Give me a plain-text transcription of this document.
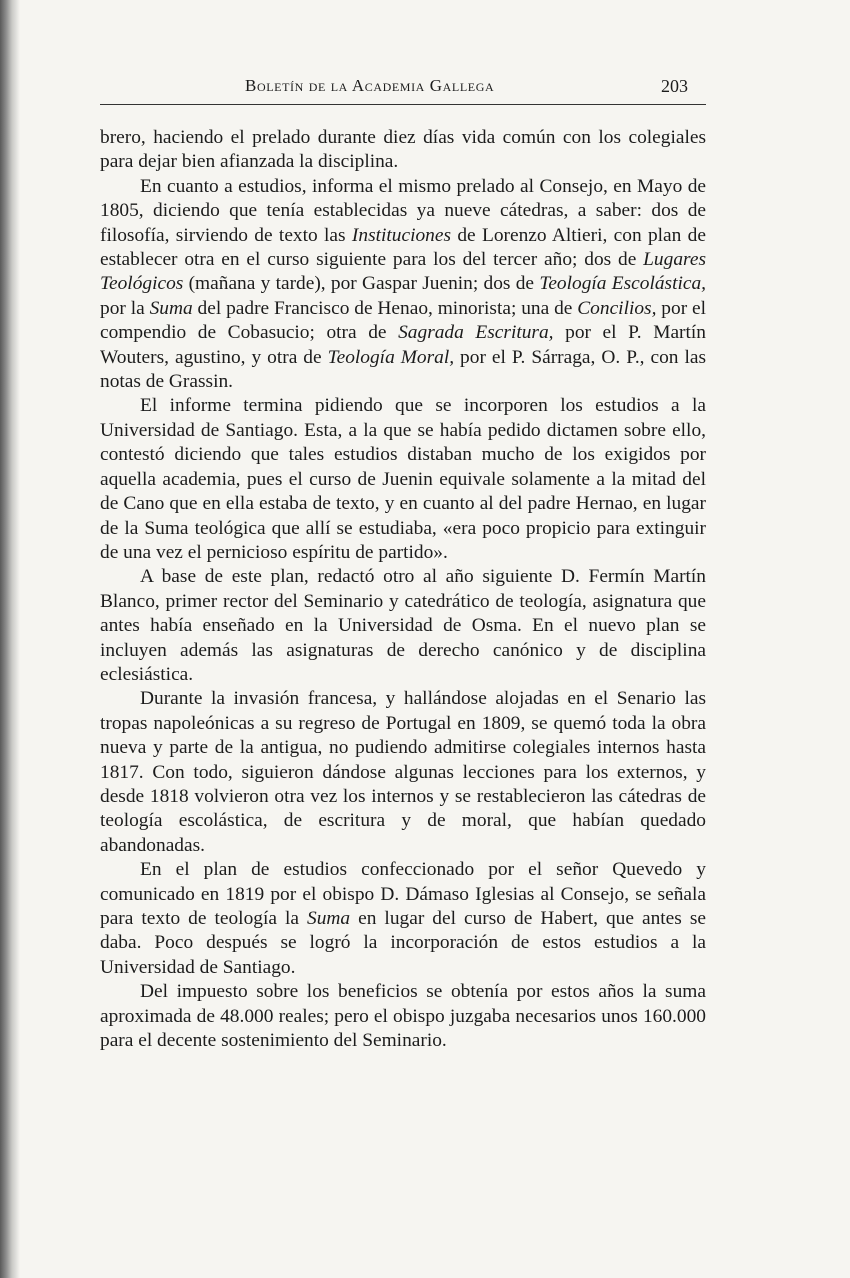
Boletín de la Academia Gallega	203

brero, haciendo el prelado durante diez días vida común con los colegiales para dejar bien afianzada la disciplina.

En cuanto a estudios, informa el mismo prelado al Consejo, en Mayo de 1805, diciendo que tenía establecidas ya nueve cátedras, a saber: dos de filosofía, sirviendo de texto las Instituciones de Lorenzo Altieri, con plan de establecer otra en el curso siguiente para los del tercer año; dos de Lugares Teológicos (mañana y tarde), por Gaspar Juenin; dos de Teología Escolástica, por la Suma del padre Francisco de Henao, minorista; una de Concilios, por el compendio de Cobasucio; otra de Sagrada Escritura, por el P. Martín Wouters, agustino, y otra de Teología Moral, por el P. Sárraga, O. P., con las notas de Grassin.

El informe termina pidiendo que se incorporen los estudios a la Universidad de Santiago. Esta, a la que se había pedido dictamen sobre ello, contestó diciendo que tales estudios distaban mucho de los exigidos por aquella academia, pues el curso de Juenin equivale solamente a la mitad del de Cano que en ella estaba de texto, y en cuanto al del padre Hernao, en lugar de la Suma teológica que allí se estudiaba, «era poco propicio para extinguir de una vez el pernicioso espíritu de partido».

A base de este plan, redactó otro al año siguiente D. Fermín Martín Blanco, primer rector del Seminario y catedrático de teología, asignatura que antes había enseñado en la Universidad de Osma. En el nuevo plan se incluyen además las asignaturas de derecho canónico y de disciplina eclesiástica.

Durante la invasión francesa, y hallándose alojadas en el Senario las tropas napoleónicas a su regreso de Portugal en 1809, se quemó toda la obra nueva y parte de la antigua, no pudiendo admitirse colegiales internos hasta 1817. Con todo, siguieron dándose algunas lecciones para los externos, y desde 1818 volvieron otra vez los internos y se restablecieron las cátedras de teología escolástica, de escritura y de moral, que habían quedado abandonadas.

En el plan de estudios confeccionado por el señor Quevedo y comunicado en 1819 por el obispo D. Dámaso Iglesias al Consejo, se señala para texto de teología la Suma en lugar del curso de Habert, que antes se daba. Poco después se logró la incorporación de estos estudios a la Universidad de Santiago.

Del impuesto sobre los beneficios se obtenía por estos años la suma aproximada de 48.000 reales; pero el obispo juzgaba necesarios unos 160.000 para el decente sostenimiento del Seminario.
